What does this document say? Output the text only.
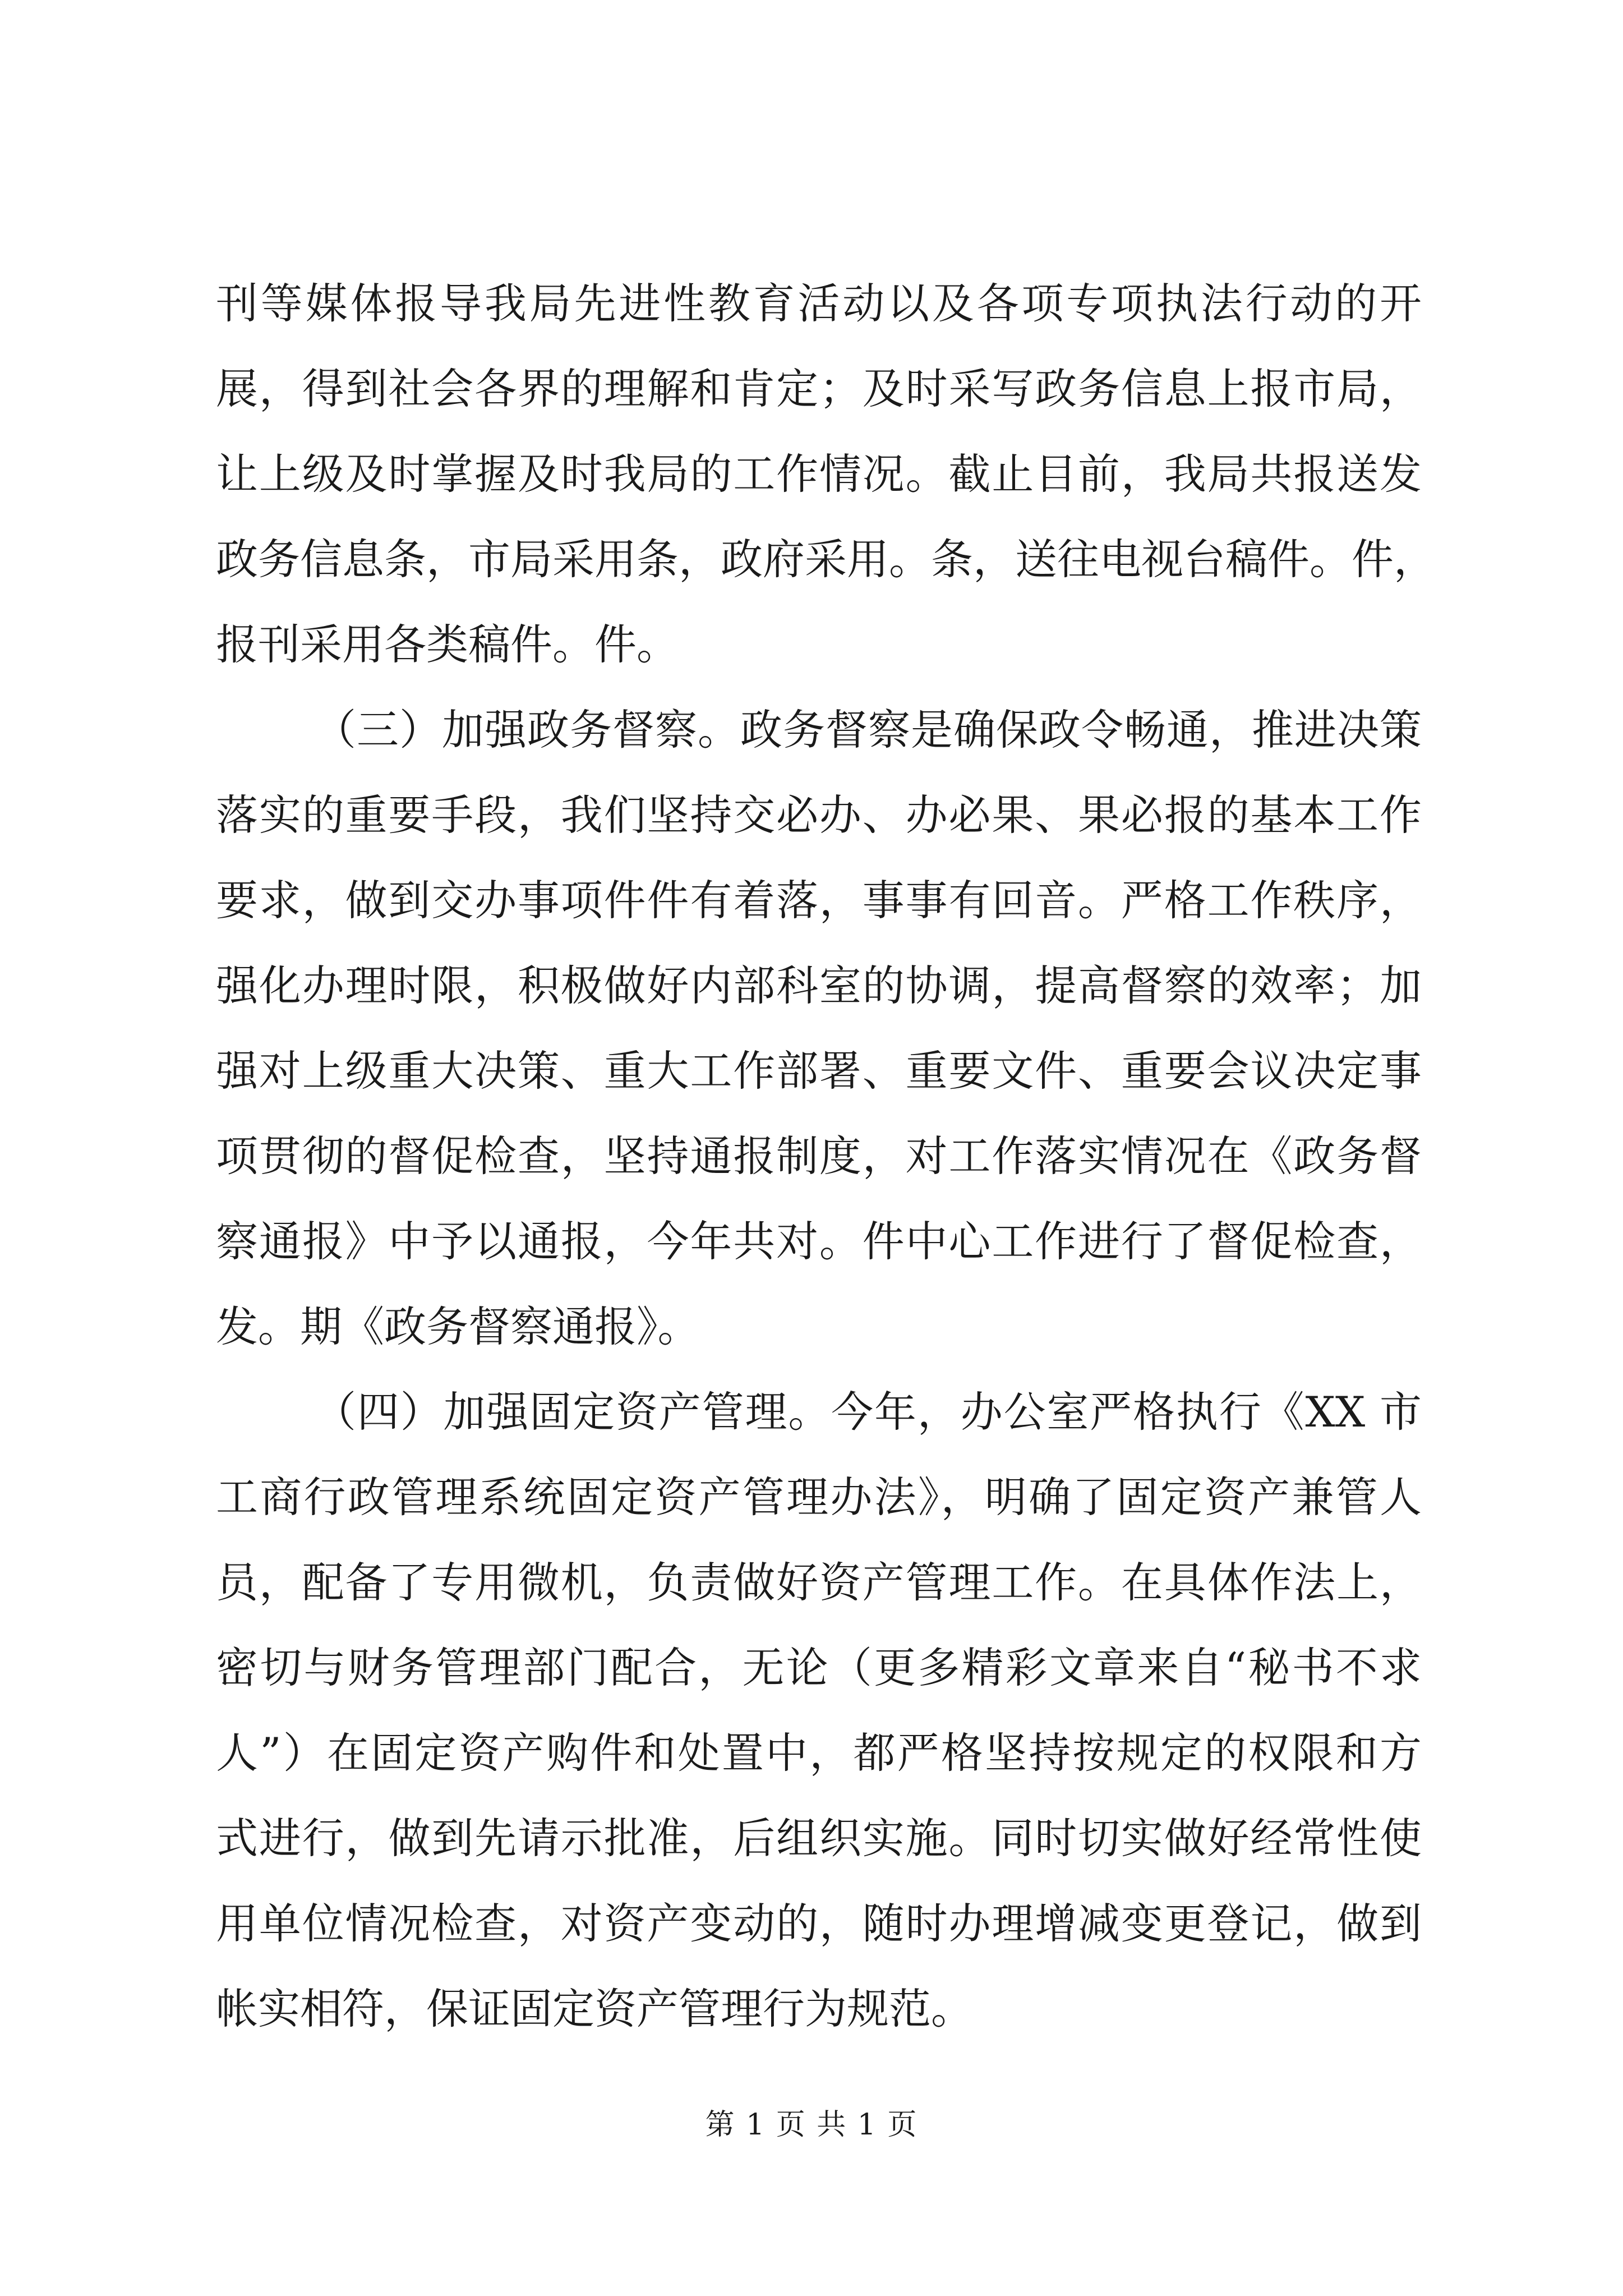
刊等媒体报导我局先进性教育活动以及各项专项执法行动的开
展，得到社会各界的理解和肯定；及时采写政务信息上报市局，
让上级及时掌握及时我局的工作情况。截止目前，我局共报送发
政务信息条，市局采用条，政府采用。条，送往电视台稿件。件，
报刊采用各类稿件。件。
（三）加强政务督察。政务督察是确保政令畅通，推进决策
落实的重要手段，我们坚持交必办、办必果、果必报的基本工作
要求，做到交办事项件件有着落，事事有回音。严格工作秩序，
强化办理时限，积极做好内部科室的协调，提高督察的效率；加
强对上级重大决策、重大工作部署、重要文件、重要会议决定事
项贯彻的督促检查，坚持通报制度，对工作落实情况在《政务督
察通报》中予以通报，今年共对。件中心工作进行了督促检查，
发。期《政务督察通报》。
（四）加强固定资产管理。今年，办公室严格执行《XX 市
工商行政管理系统固定资产管理办法》，明确了固定资产兼管人
员，配备了专用微机，负责做好资产管理工作。在具体作法上，
密切与财务管理部门配合，无论（更多精彩文章来自“秘书不求
人”）在固定资产购件和处置中，都严格坚持按规定的权限和方
式进行，做到先请示批准，后组织实施。同时切实做好经常性使
用单位情况检查，对资产变动的，随时办理增减变更登记，做到
帐实相符，保证固定资产管理行为规范。
第 1 页 共 1 页
